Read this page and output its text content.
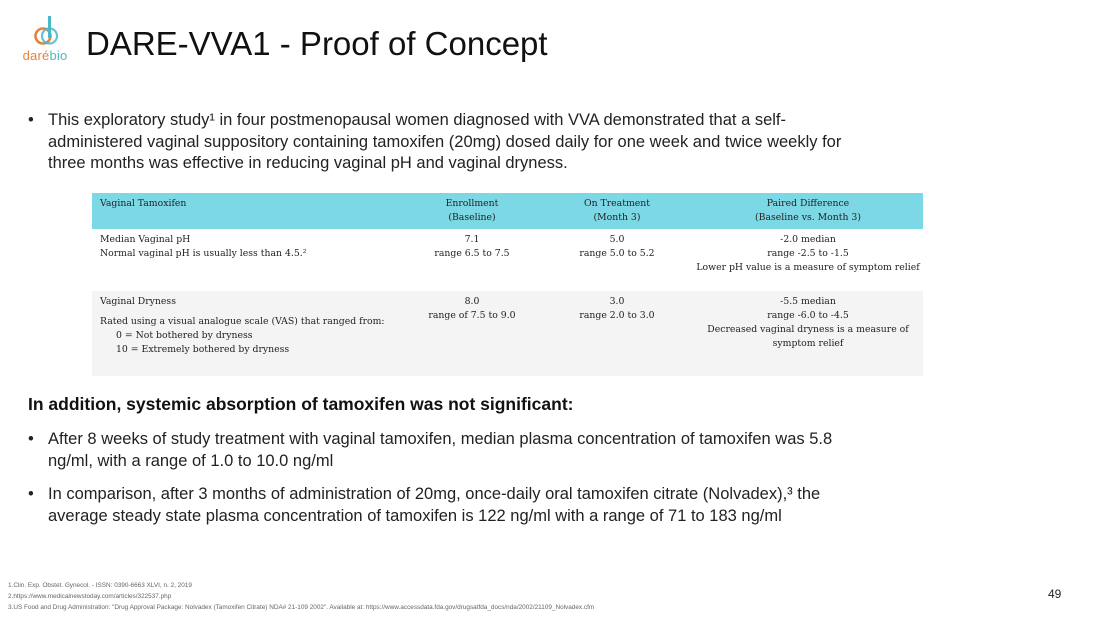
darébio DARE-VVA1 - Proof of Concept
• This exploratory study¹ in four postmenopausal women diagnosed with VVA demonstrated that a self-
administered vaginal suppository containing tamoxifen (20mg) dosed daily for one week and twice weekly for
three months was effective in reducing vaginal pH and vaginal dryness.
Vaginal Tamoxifen	Enrollment
(Baseline)
On Treatment
(Month 3)
Paired Difference
(Baseline vs. Month 3)
Median Vaginal pH
Normal vaginal pH is usually less than 4.5.²
7.1
range 6.5 to 7.5
5.0
range 5.0 to 5.2
-2.0 median
range -2.5 to -1.5
Lower pH value is a measure of symptom relief
Vaginal Dryness
Rated using a visual analogue scale (VAS) that ranged from:
0 = Not bothered by dryness
10 = Extremely bothered by dryness
8.0
range of 7.5 to 9.0
3.0
range 2.0 to 3.0
-5.5 median
range -6.0 to -4.5
Decreased vaginal dryness is a measure of
symptom relief
In addition, systemic absorption of tamoxifen was not significant:
• After 8 weeks of study treatment with vaginal tamoxifen, median plasma concentration of tamoxifen was 5.8
ng/ml, with a range of 1.0 to 10.0 ng/ml
• In comparison, after 3 months of administration of 20mg, once-daily oral tamoxifen citrate (Nolvadex),³ the
average steady state plasma concentration of tamoxifen is 122 ng/ml with a range of 71 to 183 ng/ml
1.Clin. Exp. Obstet. Gynecol. - ISSN: 0390-6663 XLVI, n. 2, 2019
2.https://www.medicalnewstoday.com/articles/322537.php
3.US Food and Drug Administration: "Drug Approval Package: Nolvadex (Tamoxifen Citrate) NDA# 21-109 2002". Available at: https://www.accessdata.fda.gov/drugsatfda_docs/nda/2002/21109_Nolvadex.cfm
49
